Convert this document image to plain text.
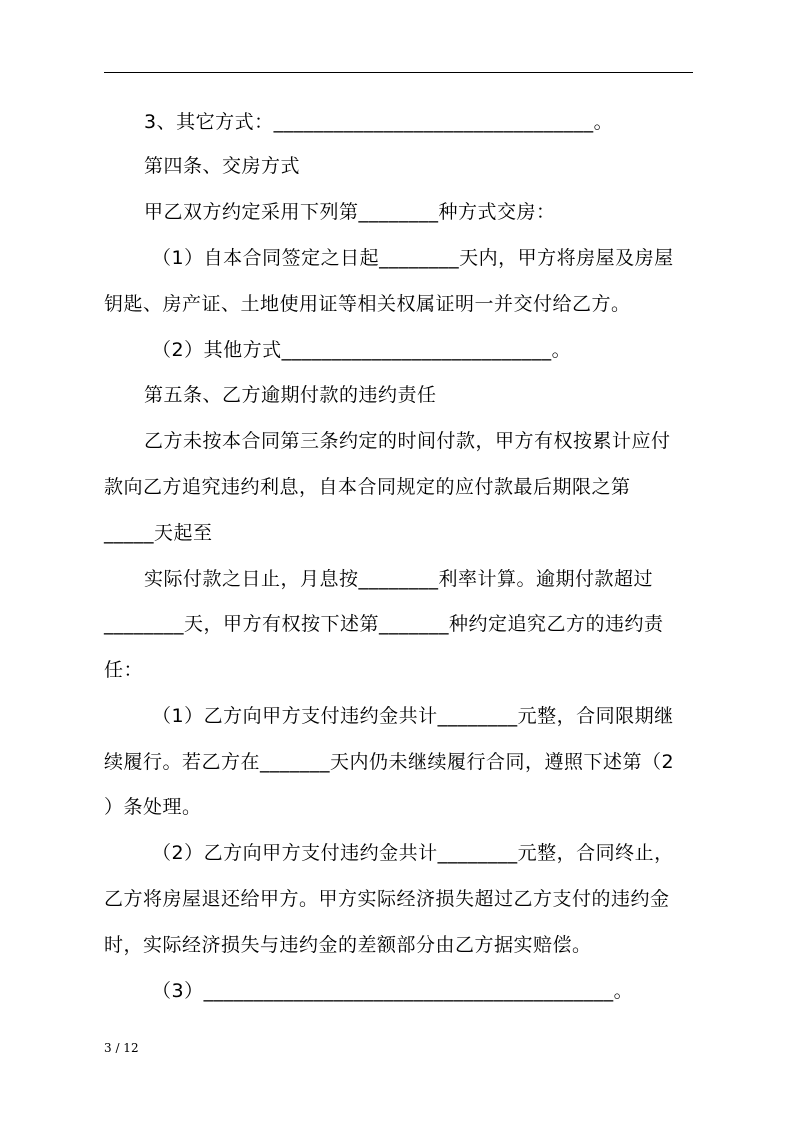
3、其它方式：________________________________。
第四条、交房方式
甲乙双方约定采用下列第________种方式交房：
（1）自本合同签定之日起________天内，甲方将房屋及房屋
钥匙、房产证、土地使用证等相关权属证明一并交付给乙方。
（2）其他方式___________________________。
第五条、乙方逾期付款的违约责任
乙方未按本合同第三条约定的时间付款，甲方有权按累计应付
款向乙方追究违约利息，自本合同规定的应付款最后期限之第
_____天起至
实际付款之日止，月息按________利率计算。逾期付款超过
________天，甲方有权按下述第_______种约定追究乙方的违约责
任：
（1）乙方向甲方支付违约金共计________元整，合同限期继
续履行。若乙方在_______天内仍未继续履行合同，遵照下述第（2
）条处理。
（2）乙方向甲方支付违约金共计________元整，合同终止，
乙方将房屋退还给甲方。甲方实际经济损失超过乙方支付的违约金
时，实际经济损失与违约金的差额部分由乙方据实赔偿。
（3）_________________________________________。
3 / 12
